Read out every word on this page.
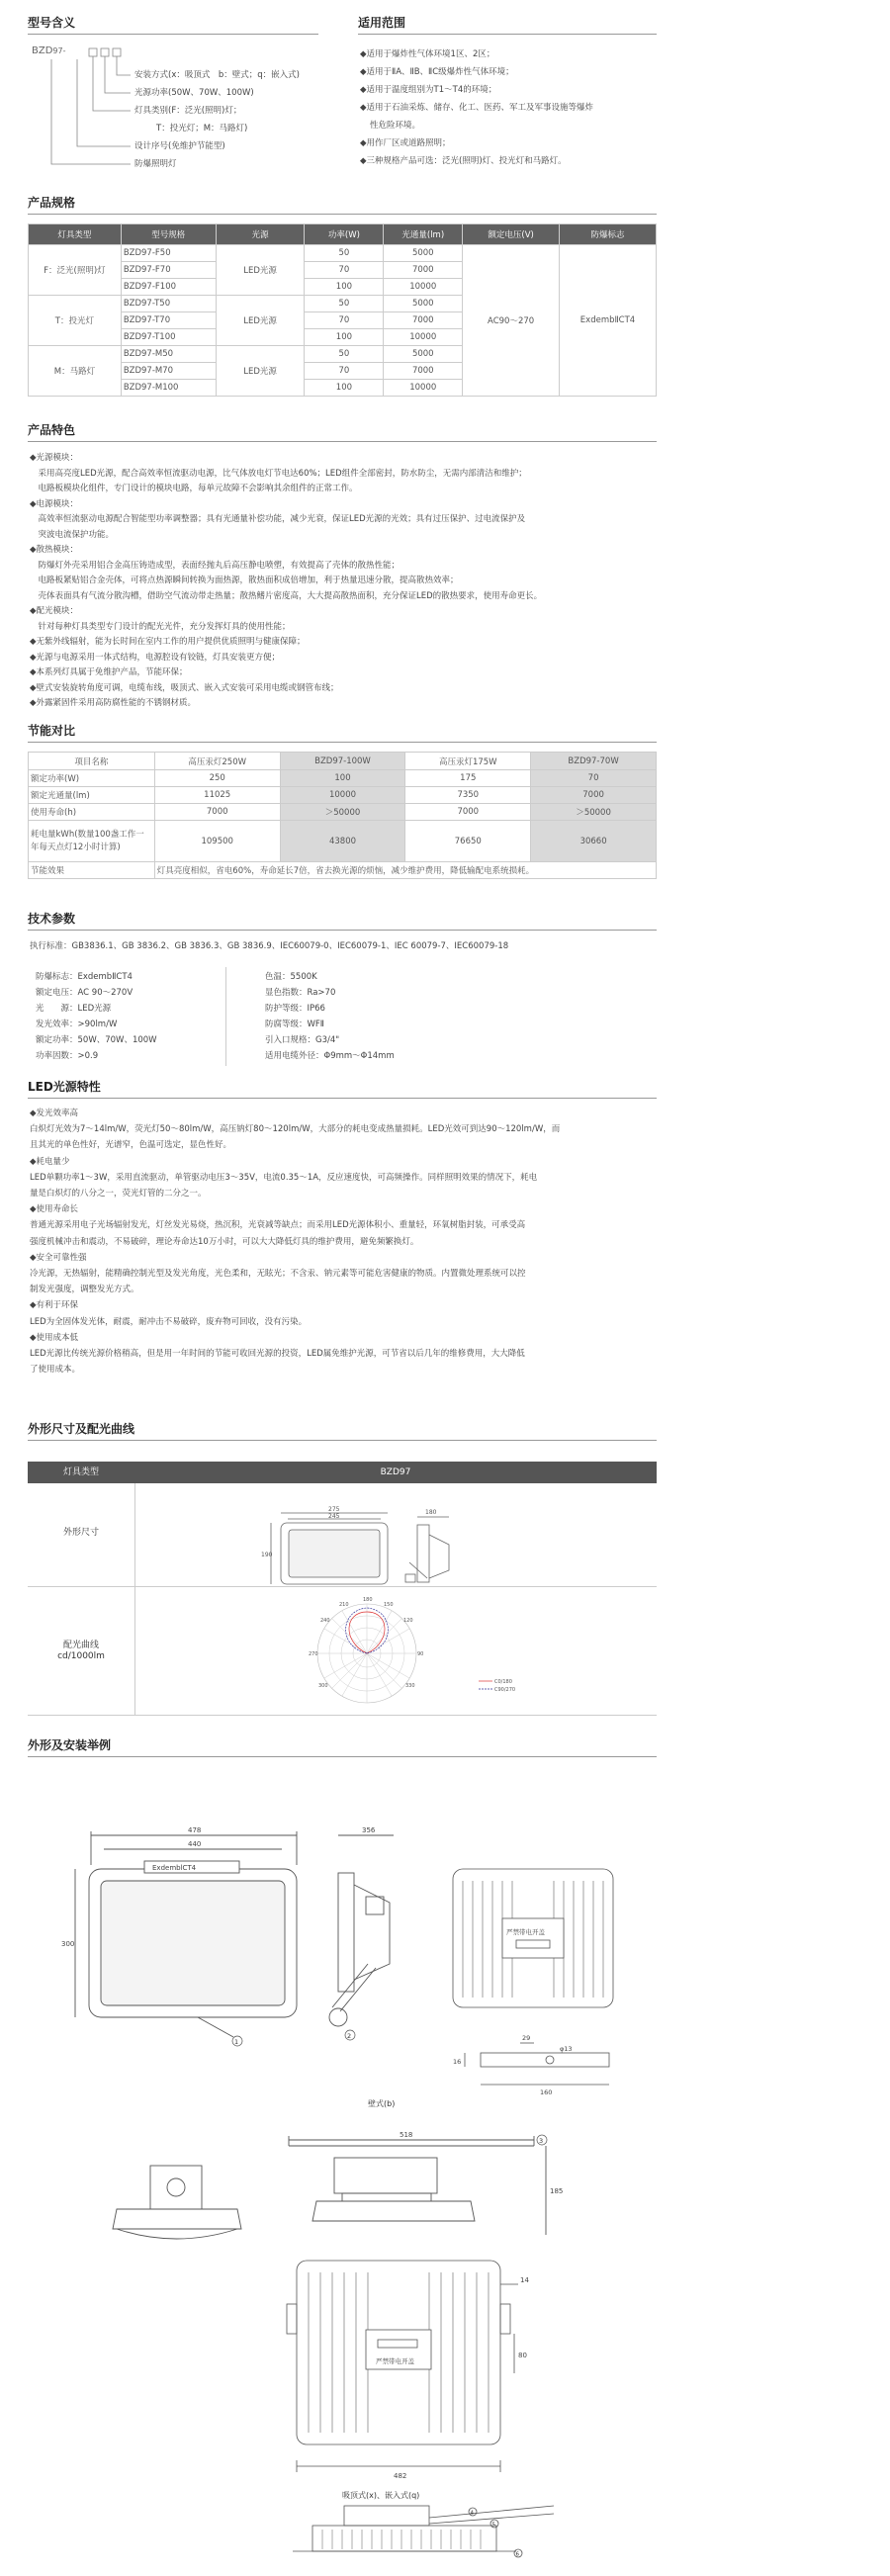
型号含义	适用范围
BZD97-
安装方式(x：吸顶式　b：壁式；q：嵌入式)
光源功率(50W、70W、100W)
灯具类别(F：泛光(照明)灯；
T：投光灯；M：马路灯)
设计序号(免维护节能型)
防爆照明灯
◆适用于爆炸性气体环境1区、2区；
◆适用于ⅡA、ⅡB、ⅡC级爆炸性气体环境；
◆适用于温度组别为T1～T4的环境；
◆适用于石油采炼、储存、化工、医药、军工及军事设施等爆炸
性危险环境。
◆用作厂区或道路照明；
◆三种规格产品可选：泛光(照明)灯、投光灯和马路灯。
产品规格
灯具类型	型号规格	光源	功率(W)	光通量(lm)	额定电压(V)	防爆标志
F：泛光(照明)灯	BZD97-F50	LED光源	50	5000	AC90～270	ExdembⅡCT4
	BZD97-F70		70	7000		
	BZD97-F100		100	10000		
T：投光灯	BZD97-T50	LED光源	50	5000		
	BZD97-T70		70	7000		
	BZD97-T100		100	10000		
M：马路灯	BZD97-M50	LED光源	50	5000		
	BZD97-M70		70	7000		
	BZD97-M100		100	10000		
产品特色

◆光源模块：

　采用高亮度LED光源，配合高效率恒流驱动电源，比气体放电灯节电达60%；LED组件全部密封，防水防尘，无需内部清洁和维护；

　电路板模块化组件，专门设计的模块电路，每单元故障不会影响其余组件的正常工作。

◆电源模块：

　高效率恒流驱动电源配合智能型功率调整器；具有光通量补偿功能，减少光衰，保证LED光源的光效；具有过压保护、过电流保护及

　突波电流保护功能。

◆散热模块：

　防爆灯外壳采用铝合金高压铸造成型，表面经抛丸后高压静电喷塑，有效提高了壳体的散热性能；

　电路板紧贴铝合金壳体，可将点热源瞬间转换为面热源，散热面积成倍增加，利于热量迅速分散，提高散热效率；

　壳体表面具有气流分散沟槽，借助空气流动带走热量；散热鳍片密度高，大大提高散热面积，充分保证LED的散热要求，使用寿命更长。

◆配光模块：

　针对每种灯具类型专门设计的配光光件，充分发挥灯具的使用性能；

◆无紫外线辐射，能为长时间在室内工作的用户提供优质照明与健康保障；

◆光源与电源采用一体式结构，电源腔设有铰链，灯具安装更方便；

◆本系列灯具属于免维护产品，节能环保；

◆壁式安装旋转角度可调，电缆布线，吸顶式、嵌入式安装可采用电缆或钢管布线；

◆外露紧固件采用高防腐性能的不锈钢材质。

节能对比
项目名称	高压汞灯250W	BZD97-100W	高压汞灯175W	BZD97-70W
额定功率(W)	250	100	175	70
额定光通量(lm)	11025	10000	7350	7000
使用寿命(h)	7000	＞50000	7000	＞50000
耗电量kWh(数量100盏工作一年每天点灯12小时计算)	109500	43800	76650	30660
节能效果	灯具亮度相似，省电60%，寿命延长7倍，省去换光源的烦恼，减少维护费用，降低输配电系统损耗。			
技术参数
执行标准：GB3836.1、GB 3836.2、GB 3836.3、GB 3836.9、IEC60079-0、IEC60079-1、IEC 60079-7、IEC60079-18
防爆标志：ExdembⅡCT4
额定电压：AC 90～270V
光　　源：LED光源
发光效率：>90lm/W
额定功率：50W、70W、100W
功率因数：>0.9
色温：5500K
显色指数：Ra>70
防护等级：IP66
防腐等级：WFⅡ
引入口规格：G3/4"
适用电缆外径：Φ9mm～Φ14mm
LED光源特性

◆发光效率高

白炽灯光效为7～14lm/W，荧光灯50～80lm/W，高压钠灯80～120lm/W，大部分的耗电变成热量损耗。LED光效可到达90～120lm/W，而

且其光的单色性好，光谱窄，色温可选定，显色性好。

◆耗电量少

LED单颗功率1～3W，采用直流驱动，单管驱动电压3～35V，电流0.35～1A，反应速度快，可高频操作。同样照明效果的情况下，耗电

量是白炽灯的八分之一，荧光灯管的二分之一。

◆使用寿命长

普通光源采用电子光场辐射发光，灯丝发光易烧，热沉积，光衰减等缺点；而采用LED光源体积小、重量轻，环氧树脂封装，可承受高

强度机械冲击和震动，不易破碎，理论寿命达10万小时，可以大大降低灯具的维护费用，避免频繁换灯。

◆安全可靠性强

冷光源，无热辐射，能精确控制光型及发光角度，光色柔和，无眩光；不含汞、钠元素等可能危害健康的物质。内置微处理系统可以控

制发光强度，调整发光方式。

◆有利于环保

LED为全固体发光体，耐震，耐冲击不易破碎，废弃物可回收，没有污染。

◆使用成本低

LED光源比传统光源价格稍高，但是用一年时间的节能可收回光源的投资，LED属免维护光源，可节省以后几年的维修费用，大大降低

了使用成本。

外形尺寸及配光曲线
灯具类型	BZD97
外形尺寸
配光曲线
cd/1000lm
275
245
190
180
180
210	150
240	120
270	90
300	330
C0/180
C90/270
外形及安装举例
478
440
ExdemblCT4
300
1
356
2
严禁带电开盖
29
φ13
160
16
壁式(b)
518
185
3
严禁带电开盖
482
14
80
吸顶式(x)、嵌入式(q)
4
5
6
